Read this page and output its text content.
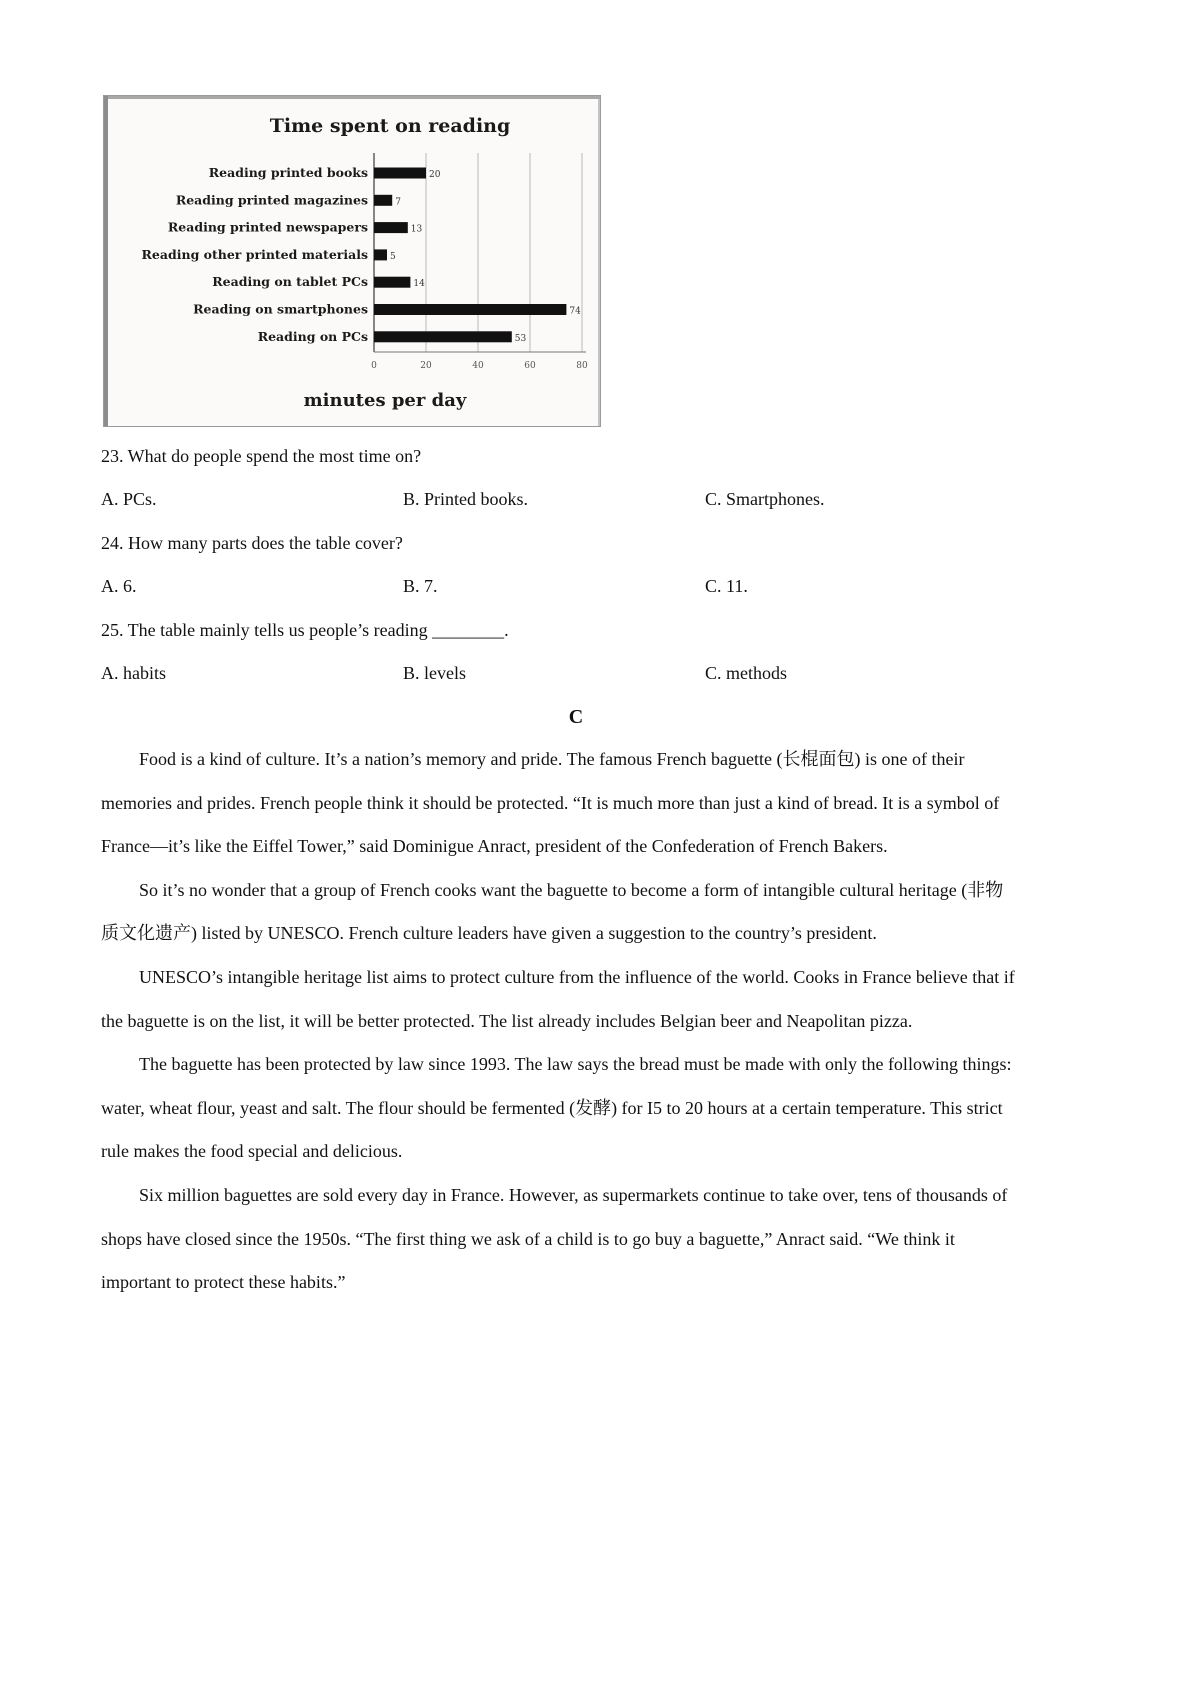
Time spent on reading
Reading printed books
Reading printed magazines
Reading printed newspapers
Reading other printed materials
Reading on tablet PCs
Reading on smartphones
Reading on PCs
20
7
13
5
14
74
53
0	20	40	60	80
minutes per day
23. What do people spend the most time on?
A. PCs.	B. Printed books.	C. Smartphones.
24. How many parts does the table cover?
A. 6.	B. 7.	C. 11.
25. The table mainly tells us people’s reading ________.
A. habits	B. levels	C. methods
C

Food is a kind of culture. It’s a nation’s memory and pride. The famous French baguette (长棍面包) is one of their memories and prides. French people think it should be protected. “It is much more than just a kind of bread. It is a symbol of France—it’s like the Eiffel Tower,” said Dominigue Anract, president of the Confederation of French Bakers.

So it’s no wonder that a group of French cooks want the baguette to become a form of intangible cultural heritage (非物质文化遗产) listed by UNESCO. French culture leaders have given a suggestion to the country’s president.

UNESCO’s intangible heritage list aims to protect culture from the influence of the world. Cooks in France believe that if the baguette is on the list, it will be better protected. The list already includes Belgian beer and Neapolitan pizza.

The baguette has been protected by law since 1993. The law says the bread must be made with only the following things: water, wheat flour, yeast and salt. The flour should be fermented (发酵) for I5 to 20 hours at a certain temperature. This strict rule makes the food special and delicious.

Six million baguettes are sold every day in France. However, as supermarkets continue to take over, tens of thousands of shops have closed since the 1950s. “The first thing we ask of a child is to go buy a baguette,” Anract said. “We think it important to protect these habits.”
